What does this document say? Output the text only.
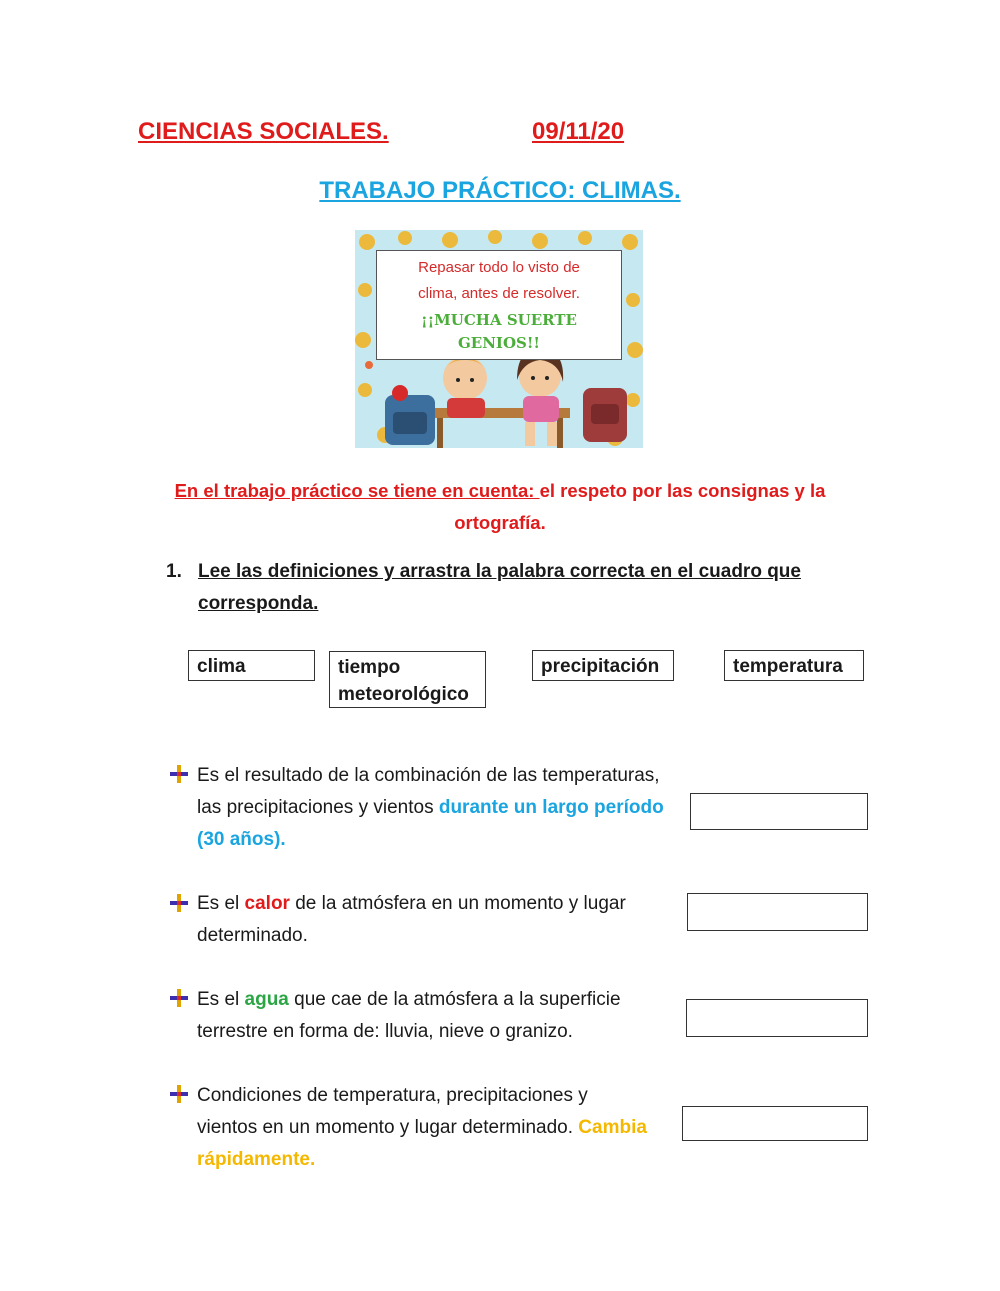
CIENCIAS SOCIALES.	09/11/20
TRABAJO PRÁCTICO: CLIMAS.
Repasar todo lo visto de
clima, antes de resolver.
¡¡MUCHA SUERTE GENIOS!!
En el trabajo práctico se tiene en cuenta: el respeto por las consignas y la ortografía.
1. Lee las definiciones y arrastra la palabra correcta en el cuadro que corresponda.
clima	tiempo meteorológico
precipitación	temperatura
Es el resultado de la combinación de las temperaturas, las precipitaciones y vientos durante un largo período (30 años).
Es el calor de la atmósfera en un momento y lugar determinado.
Es el agua que cae de la atmósfera a la superficie terrestre en forma de: lluvia, nieve o granizo.
Condiciones de temperatura, precipitaciones y vientos en un momento y lugar determinado. Cambia rápidamente.
